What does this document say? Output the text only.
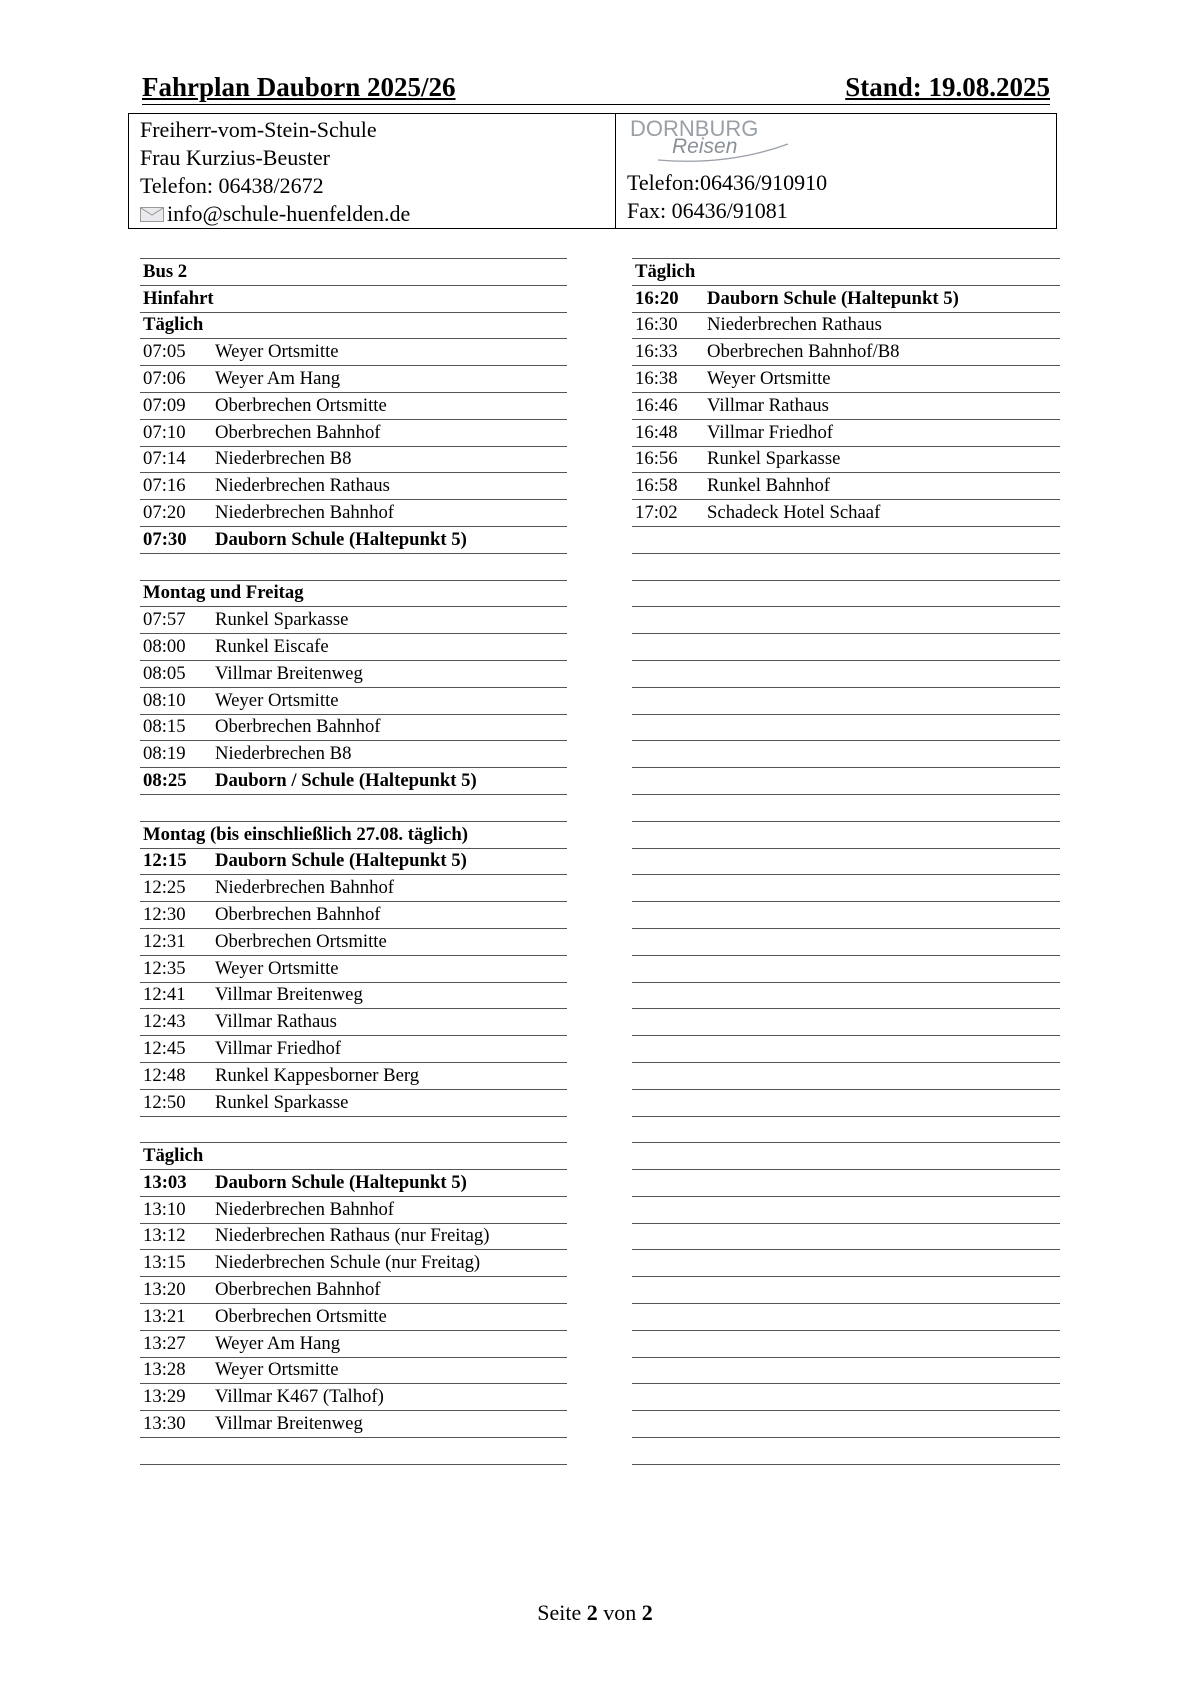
Fahrplan Dauborn 2025/26	Stand: 19.08.2025
Freiherr-vom-Stein-Schule
Frau Kurzius-Beuster
Telefon: 06438/2672
info@schule-huenfelden.de
DORNBURG
Reisen
Telefon:06436/910910
Fax: 06436/91081
Bus 2
Hinfahrt
Täglich
07:05	Weyer Ortsmitte
07:06	Weyer Am Hang
07:09	Oberbrechen Ortsmitte
07:10	Oberbrechen Bahnhof
07:14	Niederbrechen B8
07:16	Niederbrechen Rathaus
07:20	Niederbrechen Bahnhof
07:30	Dauborn Schule (Haltepunkt 5)
Montag und Freitag
07:57	Runkel Sparkasse
08:00	Runkel Eiscafe
08:05	Villmar Breitenweg
08:10	Weyer Ortsmitte
08:15	Oberbrechen Bahnhof
08:19	Niederbrechen B8
08:25	Dauborn / Schule (Haltepunkt 5)
Montag (bis einschließlich 27.08. täglich)
12:15	Dauborn Schule (Haltepunkt 5)
12:25	Niederbrechen Bahnhof
12:30	Oberbrechen Bahnhof
12:31	Oberbrechen Ortsmitte
12:35	Weyer Ortsmitte
12:41	Villmar Breitenweg
12:43	Villmar Rathaus
12:45	Villmar Friedhof
12:48	Runkel Kappesborner Berg
12:50	Runkel Sparkasse
Täglich
13:03	Dauborn Schule (Haltepunkt 5)
13:10	Niederbrechen Bahnhof
13:12	Niederbrechen Rathaus (nur Freitag)
13:15	Niederbrechen Schule (nur Freitag)
13:20	Oberbrechen Bahnhof
13:21	Oberbrechen Ortsmitte
13:27	Weyer Am Hang
13:28	Weyer Ortsmitte
13:29	Villmar K467 (Talhof)
13:30	Villmar Breitenweg
Täglich
16:20	Dauborn Schule (Haltepunkt 5)
16:30	Niederbrechen Rathaus
16:33	Oberbrechen Bahnhof/B8
16:38	Weyer Ortsmitte
16:46	Villmar Rathaus
16:48	Villmar Friedhof
16:56	Runkel Sparkasse
16:58	Runkel Bahnhof
17:02	Schadeck Hotel Schaaf
Seite 2 von 2
